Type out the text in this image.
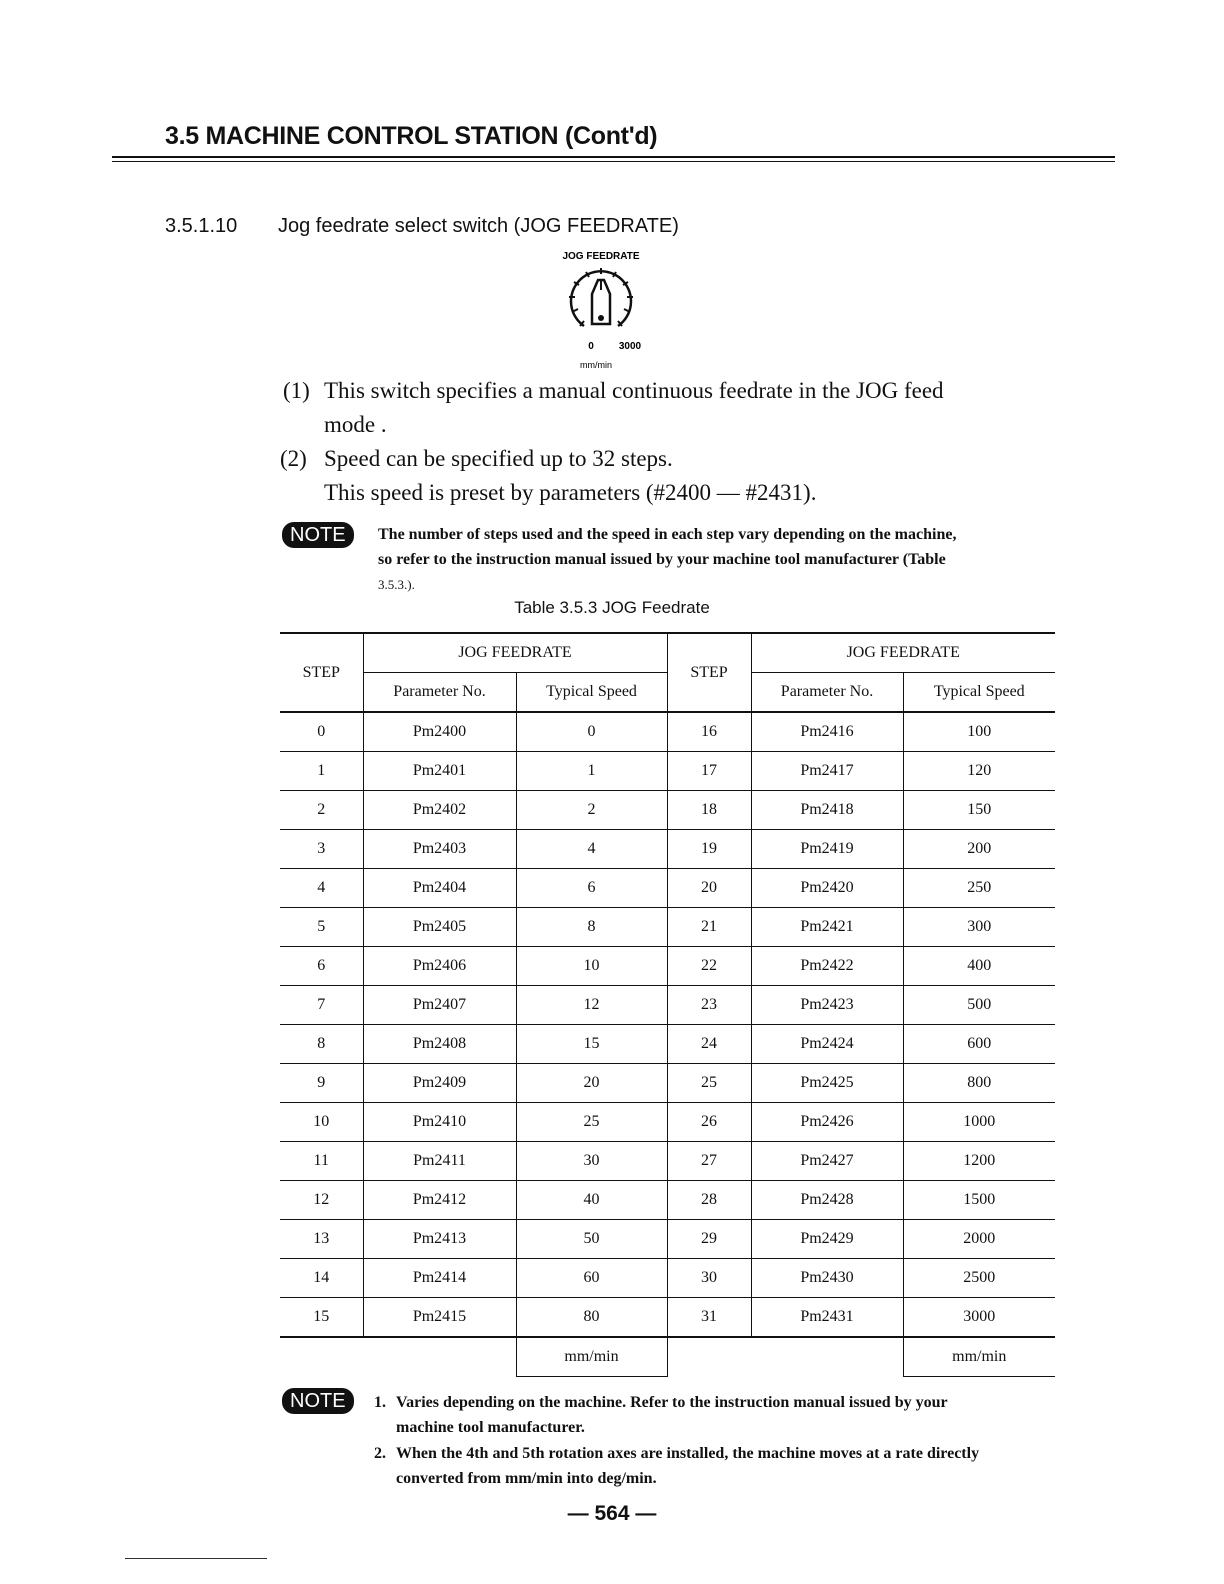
3.5 MACHINE CONTROL STATION (Cont'd)
3.5.1.10 Jog feedrate select switch (JOG FEEDRATE)
JOG FEEDRATE
0	3000
mm/min
(1) This switch specifies a manual continuous feedrate in the JOG feed
mode .
(2) Speed can be specified up to 32 steps.
This speed is preset by parameters (#2400 — #2431).
NOTE	The number of steps used and the speed in each step vary depending on the machine,
so refer to the instruction manual issued by your machine tool manufacturer (Table
3.5.3.).
Table 3.5.3 JOG Feedrate
STEP	JOG FEEDRATE		STEP	JOG FEEDRATE	
	Parameter No.	Typical Speed		Parameter No.	Typical Speed
0	Pm2400	0	16	Pm2416	100
1	Pm2401	1	17	Pm2417	120
2	Pm2402	2	18	Pm2418	150
3	Pm2403	4	19	Pm2419	200
4	Pm2404	6	20	Pm2420	250
5	Pm2405	8	21	Pm2421	300
6	Pm2406	10	22	Pm2422	400
7	Pm2407	12	23	Pm2423	500
8	Pm2408	15	24	Pm2424	600
9	Pm2409	20	25	Pm2425	800
10	Pm2410	25	26	Pm2426	1000
11	Pm2411	30	27	Pm2427	1200
12	Pm2412	40	28	Pm2428	1500
13	Pm2413	50	29	Pm2429	2000
14	Pm2414	60	30	Pm2430	2500
15	Pm2415	80	31	Pm2431	3000
		mm/min			mm/min
NOTE	1. Varies depending on the machine. Refer to the instruction manual issued by your
machine tool manufacturer.
2. When the 4th and 5th rotation axes are installed, the machine moves at a rate directly
converted from mm/min into deg/min.
— 564 —
